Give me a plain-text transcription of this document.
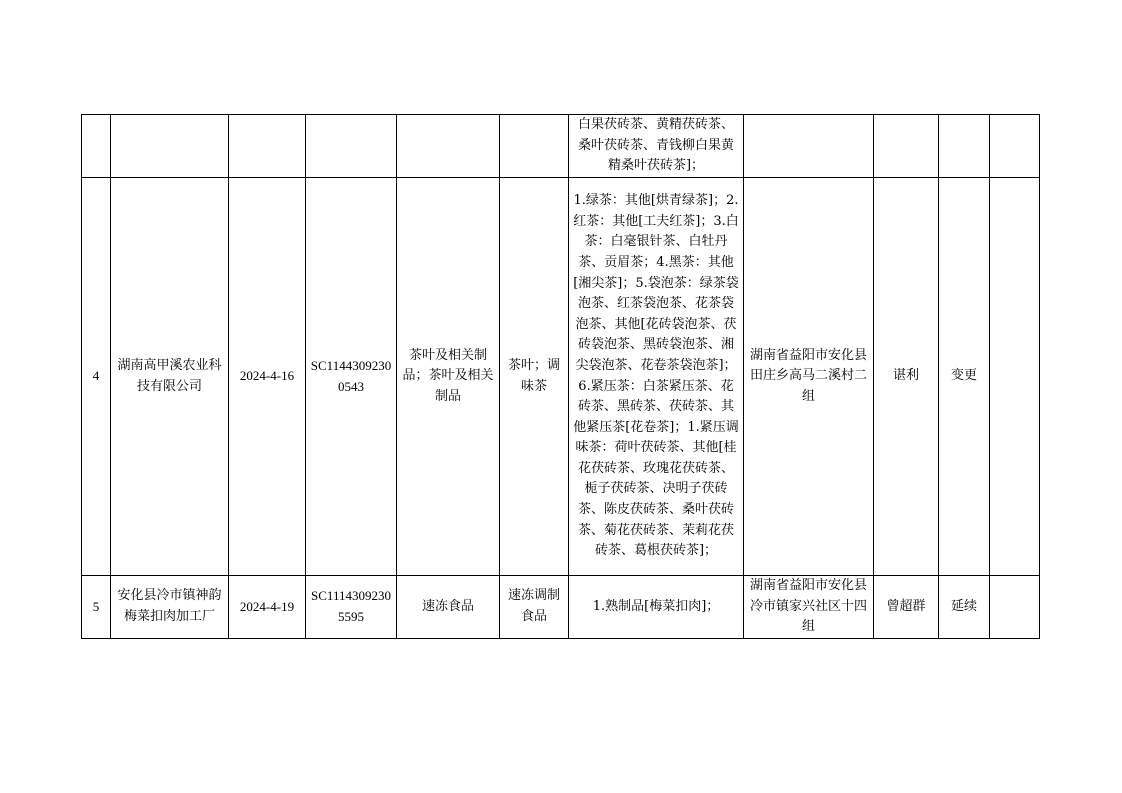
						白果茯砖茶、黄精茯砖茶、桑叶茯砖茶、青钱柳白果黄精桑叶茯砖茶]；				
4	湖南高甲溪农业科技有限公司	2024-4-16	SC11443092300543	茶叶及相关制品；茶叶及相关制品	茶叶；调味茶	1.绿茶：其他[烘青绿茶]；2.红茶：其他[工夫红茶]；3.白茶：白毫银针茶、白牡丹茶、贡眉茶；4.黑茶：其他[湘尖茶]；5.袋泡茶：绿茶袋泡茶、红茶袋泡茶、花茶袋泡茶、其他[花砖袋泡茶、茯砖袋泡茶、黑砖袋泡茶、湘尖袋泡茶、花卷茶袋泡茶]；6.紧压茶：白茶紧压茶、花砖茶、黑砖茶、茯砖茶、其他紧压茶[花卷茶]；1.紧压调味茶：荷叶茯砖茶、其他[桂花茯砖茶、玫瑰花茯砖茶、栀子茯砖茶、决明子茯砖茶、陈皮茯砖茶、桑叶茯砖茶、菊花茯砖茶、茉莉花茯砖茶、葛根茯砖茶]；	湖南省益阳市安化县田庄乡高马二溪村二组	谌利	变更	
5	安化县冷市镇神韵梅菜扣肉加工厂	2024-4-19	SC11143092305595	速冻食品	速冻调制食品	1.熟制品[梅菜扣肉]；	湖南省益阳市安化县冷市镇家兴社区十四组	曾超群	延续	
